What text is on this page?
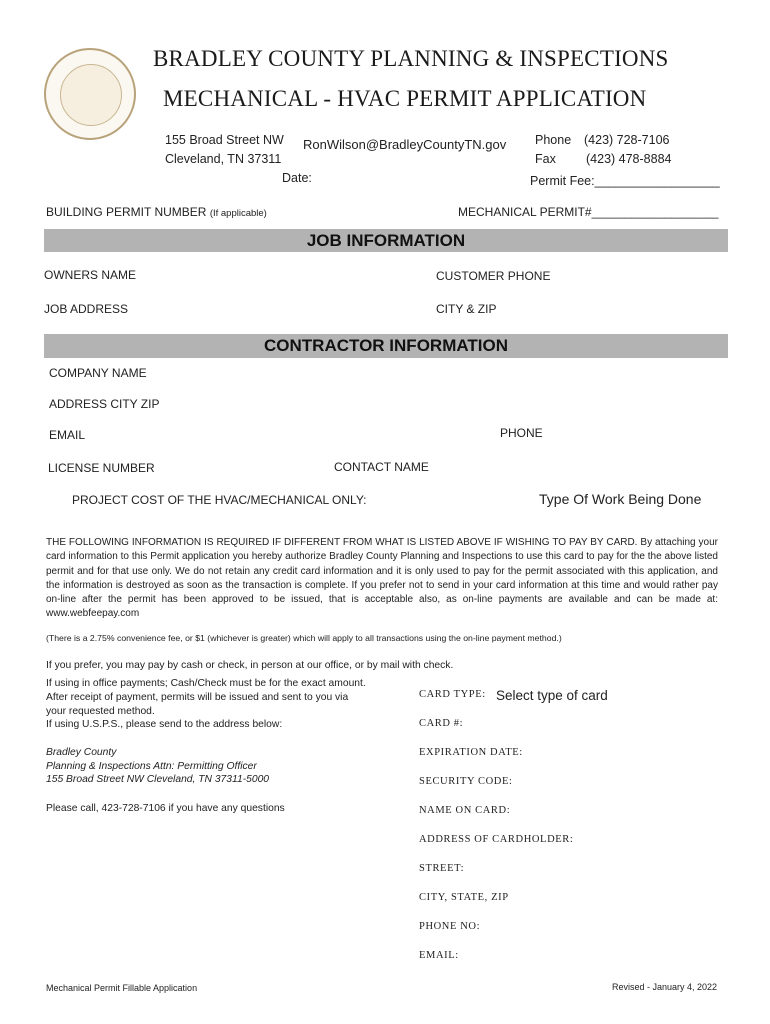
BRADLEY COUNTY PLANNING & INSPECTIONS
MECHANICAL - HVAC PERMIT APPLICATION
155 Broad Street NW
Cleveland, TN 37311
RonWilson@BradleyCountyTN.gov Phone (423) 728-7106
Fax (423) 478-8884
Date:	Permit Fee:__________________
BUILDING PERMIT NUMBER (If applicable)	MECHANICAL PERMIT#___________________
JOB INFORMATION
OWNERS NAME	CUSTOMER PHONE
JOB ADDRESS	CITY & ZIP
CONTRACTOR INFORMATION
COMPANY NAME
ADDRESS CITY ZIP
EMAIL	PHONE
LICENSE NUMBER	CONTACT NAME
PROJECT COST OF THE HVAC/MECHANICAL ONLY:	Type Of Work Being Done

THE FOLLOWING INFORMATION IS REQUIRED IF DIFFERENT FROM WHAT IS LISTED ABOVE IF WISHING TO PAY BY CARD. By attaching your card information to this Permit application you hereby authorize Bradley County Planning and Inspections to use this card to pay for the the above listed permit and for that use only. We do not retain any credit card information and it is only used to pay for the permit associated with this application, and the information is destroyed as soon as the transaction is complete. If you prefer not to send in your card information at this time and would rather pay on-line after the permit has been approved to be issued, that is acceptable also, as on-line payments are available and can be made at: www.webfeepay.com

(There is a 2.75% convenience fee, or $1 (whichever is greater) which will apply to all transactions using the on-line payment method.)
If you prefer, you may pay by cash or check, in person at our office, or by mail with check.
If using in office payments; Cash/Check must be for the exact amount.
After receipt of payment, permits will be issued and sent to you via
your requested method.
If using U.S.P.S., please send to the address below:
Bradley County
Planning & Inspections Attn: Permitting Officer
155 Broad Street NW Cleveland, TN 37311-5000
Please call, 423-728-7106 if you have any questions
CARD TYPE: Select type of card
CARD #:
EXPIRATION DATE:
SECURITY CODE:
NAME ON CARD:
ADDRESS OF CARDHOLDER:
STREET:
CITY, STATE, ZIP
PHONE NO:
EMAIL:
Mechanical Permit Fillable Application	Revised - January 4, 2022
